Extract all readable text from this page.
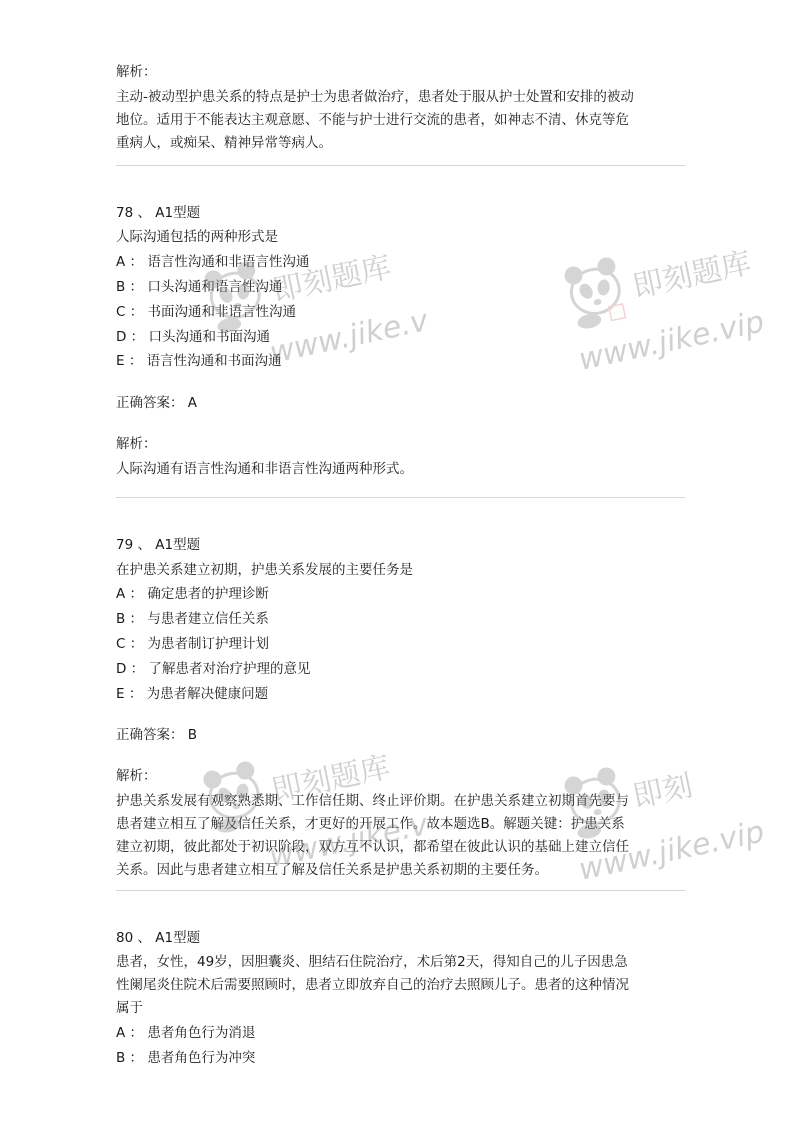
解析：
主动-被动型护患关系的特点是护士为患者做治疗，患者处于服从护士处置和安排的被动
地位。适用于不能表达主观意愿、不能与护士进行交流的患者，如神志不清、休克等危
重病人，或痴呆、精神异常等病人。
78 、 A1型题
人际沟通包括的两种形式是
A ： 语言性沟通和非语言性沟通
B ： 口头沟通和语言性沟通
C ： 书面沟通和非语言性沟通
D ： 口头沟通和书面沟通
E ： 语言性沟通和书面沟通
正确答案： A
解析：
人际沟通有语言性沟通和非语言性沟通两种形式。
79 、 A1型题
在护患关系建立初期，护患关系发展的主要任务是
A ： 确定患者的护理诊断
B ： 与患者建立信任关系
C ： 为患者制订护理计划
D ： 了解患者对治疗护理的意见
E ： 为患者解决健康问题
正确答案： B
解析：
护患关系发展有观察熟悉期、工作信任期、终止评价期。在护患关系建立初期首先要与
患者建立相互了解及信任关系，才更好的开展工作。故本题选B。解题关键：护患关系
建立初期，彼此都处于初识阶段，双方互不认识，都希望在彼此认识的基础上建立信任
关系。因此与患者建立相互了解及信任关系是护患关系初期的主要任务。
80 、 A1型题
患者，女性，49岁，因胆囊炎、胆结石住院治疗，术后第2天，得知自己的儿子因患急
性阑尾炎住院术后需要照顾时，患者立即放弃自己的治疗去照顾儿子。患者的这种情况
属于
A ： 患者角色行为消退
B ： 患者角色行为冲突
即刻题库
www.jike.vip
即刻题库
www.jike.vip
即刻题库
www.jike.vip
即刻
www.jike.vip
